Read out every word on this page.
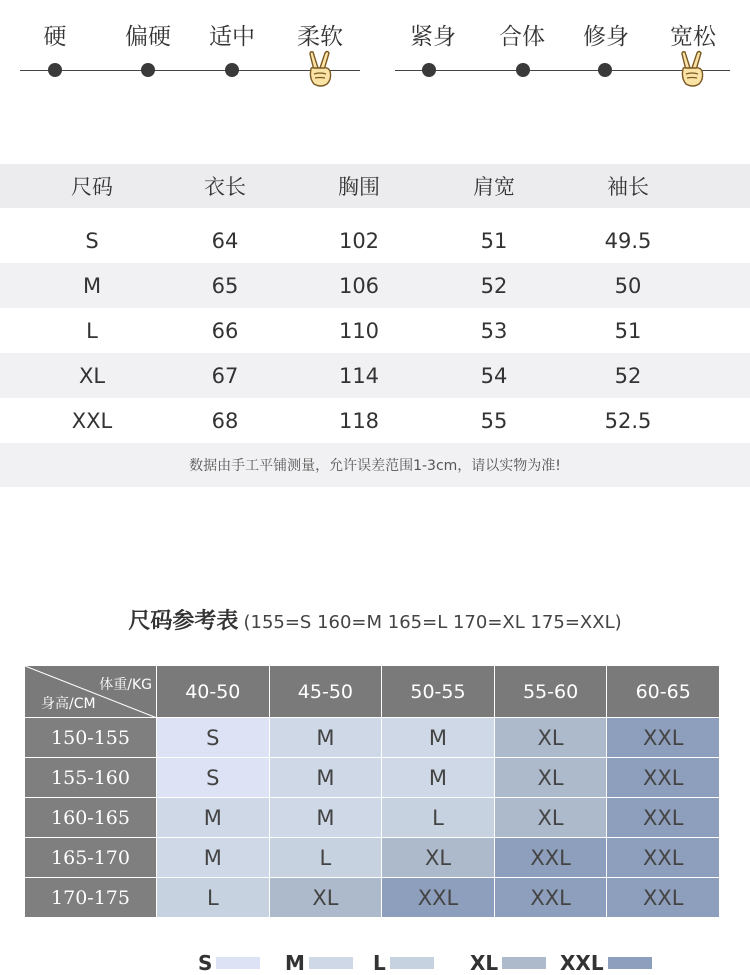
硬	偏硬 适中 柔软	紧身 合体 修身 宽松
尺码	衣长	胸围	肩宽	袖长
S	64	102	51	49.5
M	65	106	52	50
L	66	110	53	51
XL	67	114	54	52
XXL	68	118	55	52.5
数据由手工平铺测量，允许误差范围1-3cm，请以实物为准!
尺码参考表 (155=S 160=M 165=L 170=XL 175=XXL)
体重/KG
身高/CM	40-50	45-50	50-55	55-60	60-65
150-155	S	M	M	XL	XXL
155-160	S	M	M	XL	XXL
160-165	M	M	L	XL	XXL
165-170	M	L	XL	XXL	XXL
170-175	L	XL	XXL	XXL	XXL
S	M	L	XL	XXL
